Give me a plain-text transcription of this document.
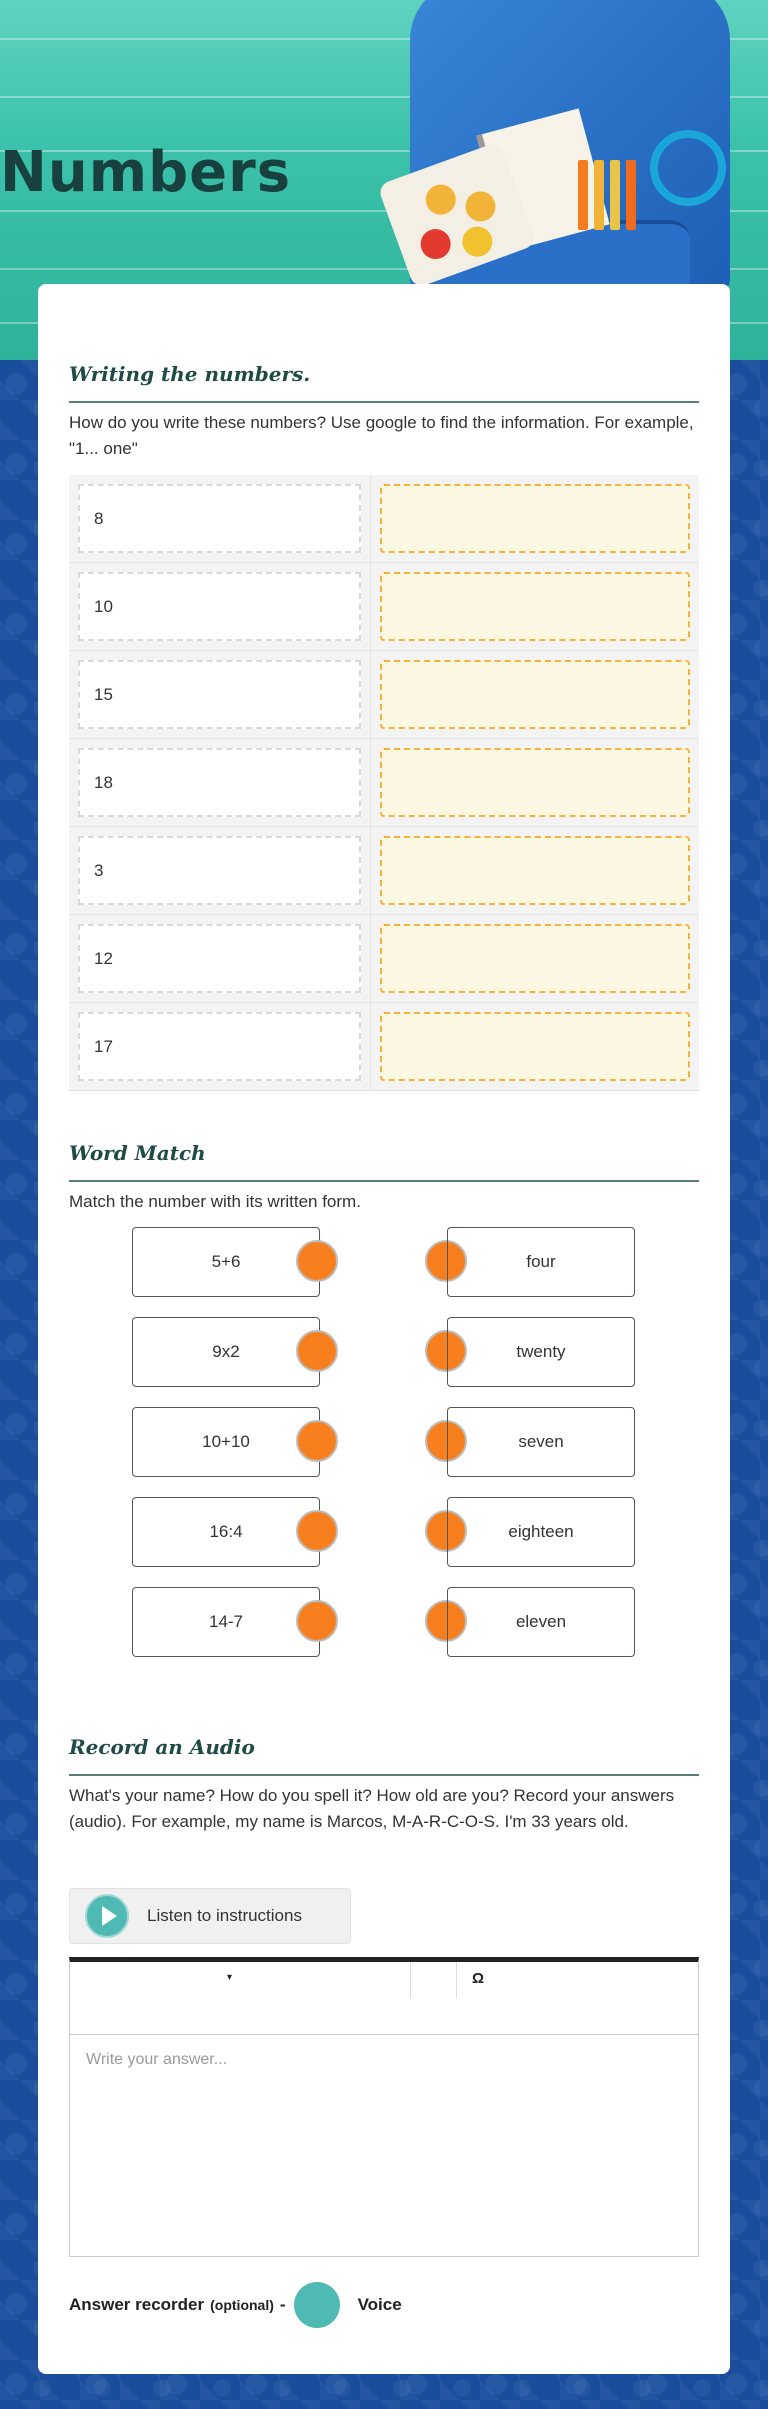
Numbers
Writing the numbers.
How do you write these numbers? Use google to find the information. For example, "1... one"
8
10
15
18
3
12
17
Word Match
Match the number with its written form.
5+6	four
9x2	twenty
10+10	seven
16:4	eighteen
14-7	eleven
Record an Audio
What's your name? How do you spell it? How old are you? Record your answers (audio). For example, my name is Marcos, M-A-R-C-O-S. I'm 33 years old.
Listen to instructions
▾	Ω
Write your answer...
Answer recorder (optional) -	Voice
